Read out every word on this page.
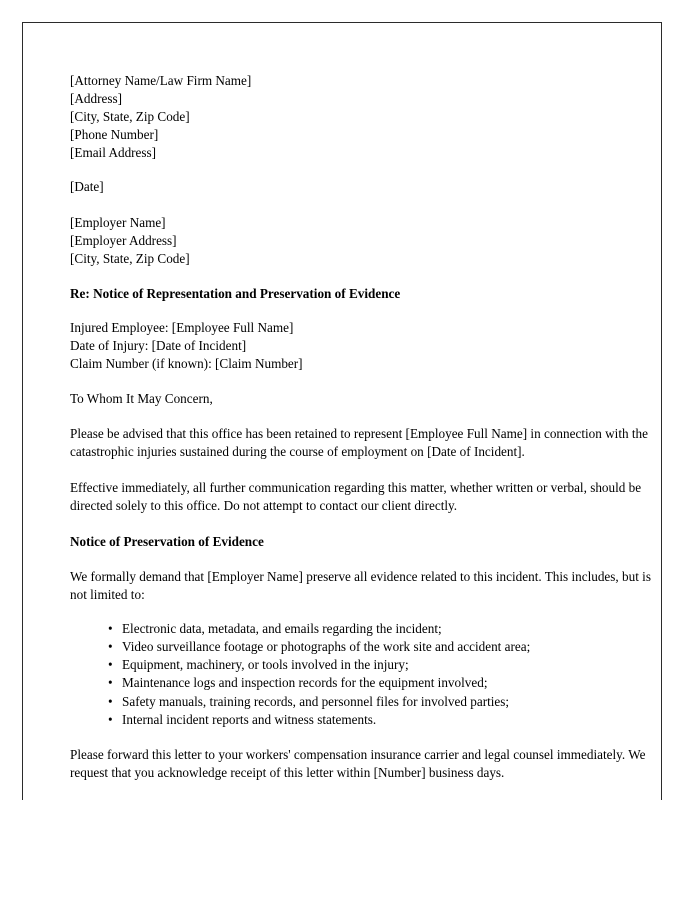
[Attorney Name/Law Firm Name]
[Address]
[City, State, Zip Code]
[Phone Number]
[Email Address]
[Date]
[Employer Name]
[Employer Address]
[City, State, Zip Code]
Re: Notice of Representation and Preservation of Evidence
Injured Employee: [Employee Full Name]
Date of Injury: [Date of Incident]
Claim Number (if known): [Claim Number]
To Whom It May Concern,
Please be advised that this office has been retained to represent [Employee Full Name] in connection with the catastrophic injuries sustained during the course of employment on [Date of Incident].
Effective immediately, all further communication regarding this matter, whether written or verbal, should be directed solely to this office. Do not attempt to contact our client directly.
Notice of Preservation of Evidence
We formally demand that [Employer Name] preserve all evidence related to this incident. This includes, but is not limited to:
• Electronic data, metadata, and emails regarding the incident;
• Video surveillance footage or photographs of the work site and accident area;
• Equipment, machinery, or tools involved in the injury;
• Maintenance logs and inspection records for the equipment involved;
• Safety manuals, training records, and personnel files for involved parties;
• Internal incident reports and witness statements.
Please forward this letter to your workers' compensation insurance carrier and legal counsel immediately. We request that you acknowledge receipt of this letter within [Number] business days.
